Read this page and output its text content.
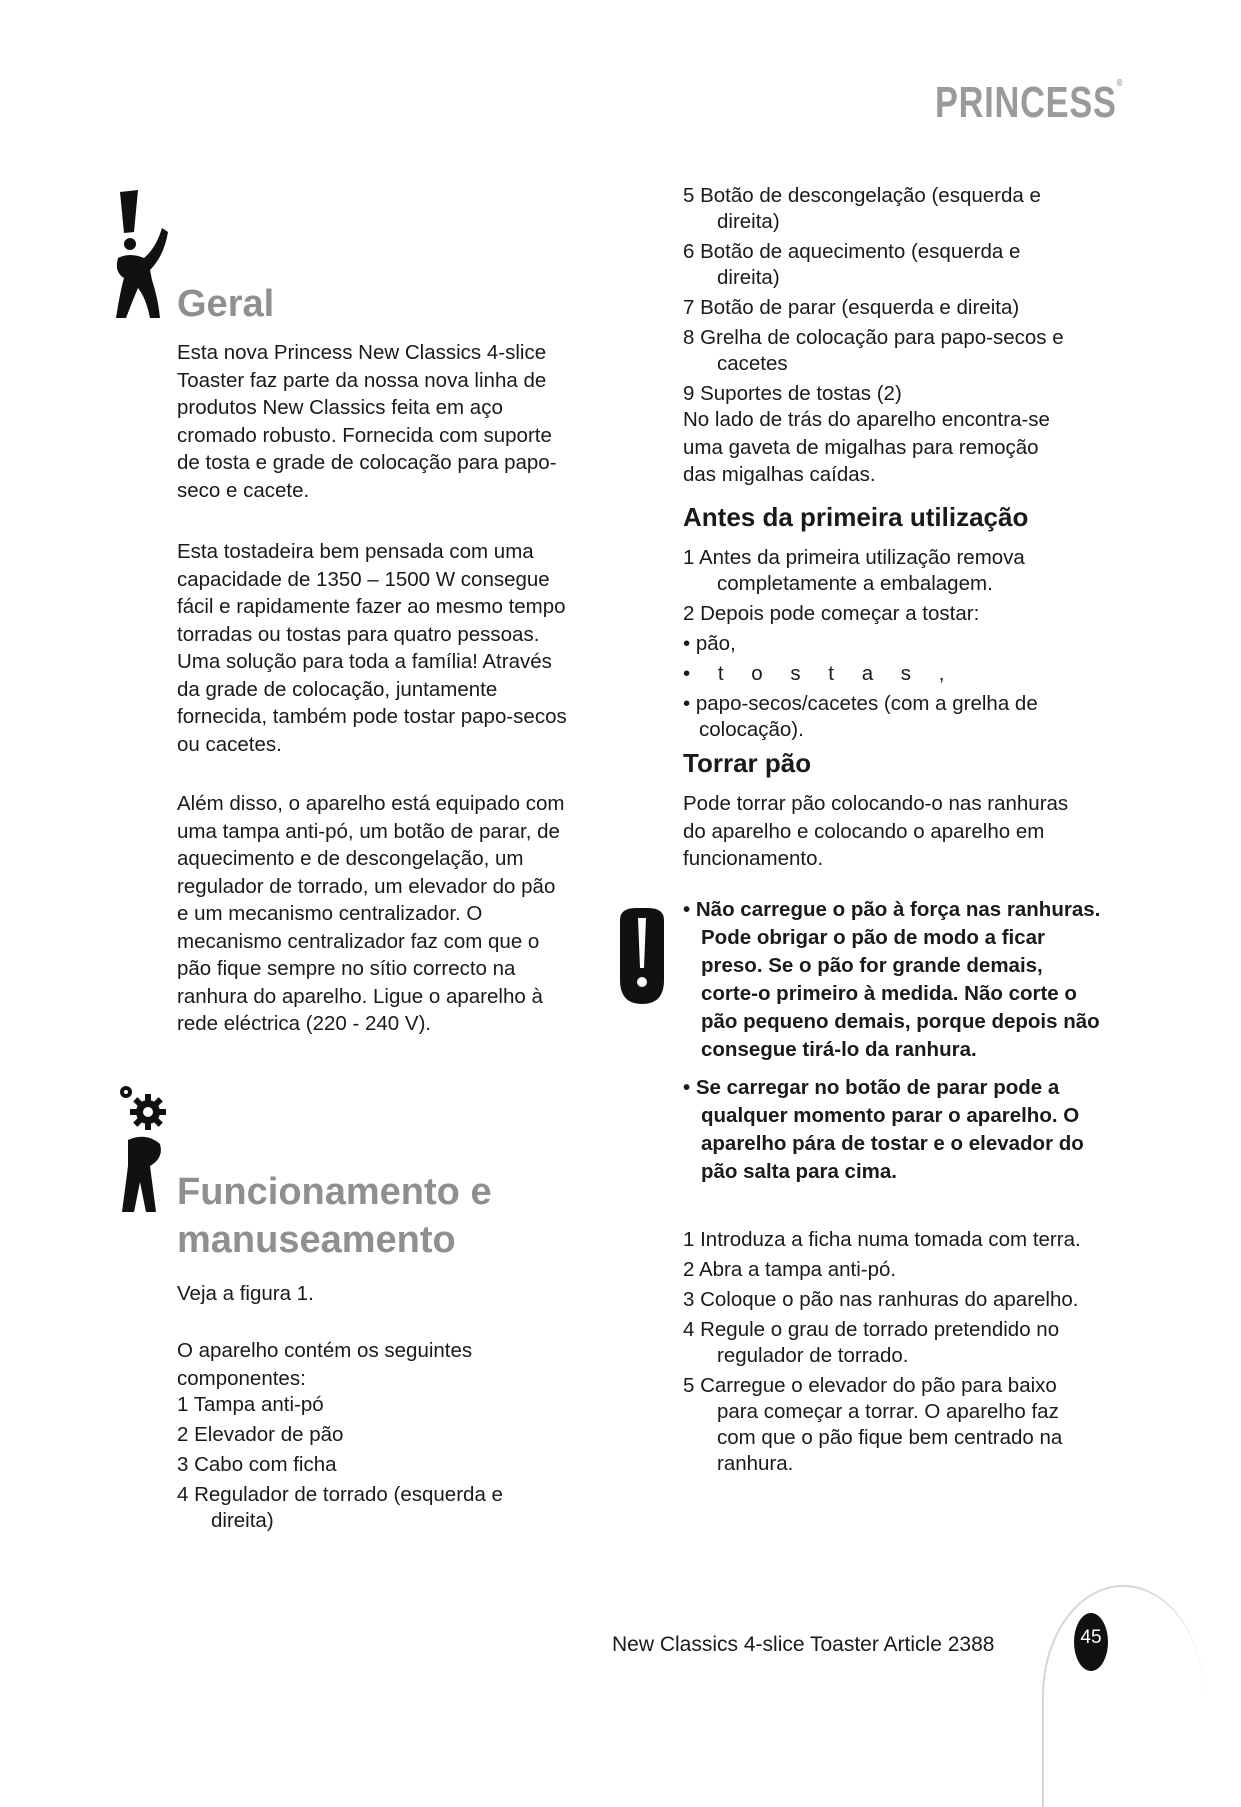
PRINCESS®
Geral
Esta nova Princess New Classics 4-slice
Toaster faz parte da nossa nova linha de
produtos New Classics feita em aço
cromado robusto. Fornecida com suporte
de tosta e grade de colocação para papo-
seco e cacete.
Esta tostadeira bem pensada com uma
capacidade de 1350 – 1500 W consegue
fácil e rapidamente fazer ao mesmo tempo
torradas ou tostas para quatro pessoas.
Uma solução para toda a família! Através
da grade de colocação, juntamente
fornecida, também pode tostar papo-secos
ou cacetes.
Além disso, o aparelho está equipado com
uma tampa anti-pó, um botão de parar, de
aquecimento e de descongelação, um
regulador de torrado, um elevador do pão
e um mecanismo centralizador. O
mecanismo centralizador faz com que o
pão fique sempre no sítio correcto na
ranhura do aparelho. Ligue o aparelho à
rede eléctrica (220 - 240 V).
Funcionamento e
manuseamento
Veja a figura 1.
O aparelho contém os seguintes
componentes:

1 Tampa anti-pó

2 Elevador de pão

3 Cabo com ficha

4 Regulador de torrado (esquerda e direita)

5 Botão de descongelação (esquerda e direita)

6 Botão de aquecimento (esquerda e direita)

7 Botão de parar (esquerda e direita)

8 Grelha de colocação para papo-secos e cacetes

9 Suportes de tostas (2)

No lado de trás do aparelho encontra-se
uma gaveta de migalhas para remoção
das migalhas caídas.
Antes da primeira utilização

1 Antes da primeira utilização remova completamente a embalagem.

2 Depois pode começar a tostar:

• pão,

• t o s t a s ,

• papo-secos/cacetes (com a grelha de colocação).

Torrar pão
Pode torrar pão colocando-o nas ranhuras
do aparelho e colocando o aparelho em
funcionamento.

• Não carregue o pão à força nas ranhuras. Pode obrigar o pão de modo a ficar preso. Se o pão for grande demais, corte-o primeiro à medida. Não corte o pão pequeno demais, porque depois não consegue tirá-lo da ranhura.

• Se carregar no botão de parar pode a qualquer momento parar o aparelho. O aparelho pára de tostar e o elevador do pão salta para cima.

1 Introduza a ficha numa tomada com terra.

2 Abra a tampa anti-pó.

3 Coloque o pão nas ranhuras do aparelho.

4 Regule o grau de torrado pretendido no regulador de torrado.

5 Carregue o elevador do pão para baixo para começar a torrar. O aparelho faz com que o pão fique bem centrado na ranhura.

New Classics 4-slice Toaster Article 2388	45
